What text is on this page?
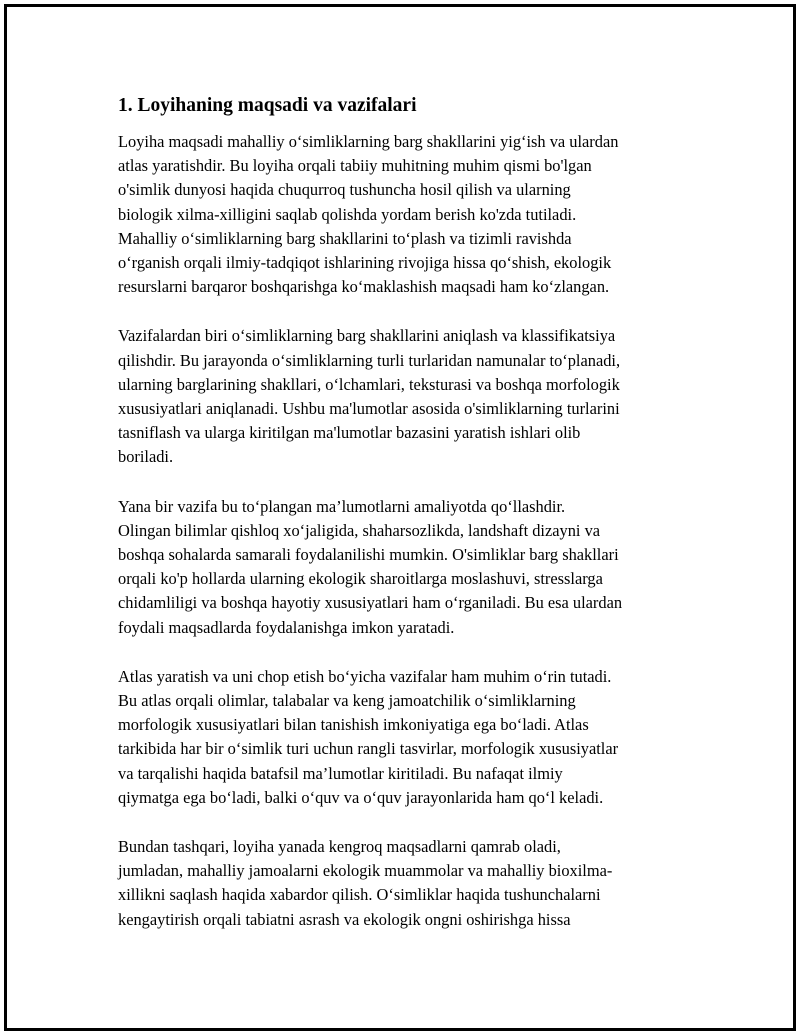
1. Loyihaning maqsadi va vazifalari

Loyiha maqsadi mahalliy o‘simliklarning barg shakllarini yig‘ish va ulardan
atlas yaratishdir. Bu loyiha orqali tabiiy muhitning muhim qismi bo'lgan
o'simlik dunyosi haqida chuqurroq tushuncha hosil qilish va ularning
biologik xilma-xilligini saqlab qolishda yordam berish ko'zda tutiladi.
Mahalliy o‘simliklarning barg shakllarini to‘plash va tizimli ravishda
o‘rganish orqali ilmiy-tadqiqot ishlarining rivojiga hissa qo‘shish, ekologik
resurslarni barqaror boshqarishga ko‘maklashish maqsadi ham ko‘zlangan.

Vazifalardan biri o‘simliklarning barg shakllarini aniqlash va klassifikatsiya
qilishdir. Bu jarayonda o‘simliklarning turli turlaridan namunalar to‘planadi,
ularning barglarining shakllari, o‘lchamlari, teksturasi va boshqa morfologik
xususiyatlari aniqlanadi. Ushbu ma'lumotlar asosida o'simliklarning turlarini
tasniflash va ularga kiritilgan ma'lumotlar bazasini yaratish ishlari olib
boriladi.

Yana bir vazifa bu to‘plangan ma’lumotlarni amaliyotda qo‘llashdir.
Olingan bilimlar qishloq xo‘jaligida, shaharsozlikda, landshaft dizayni va
boshqa sohalarda samarali foydalanilishi mumkin. O'simliklar barg shakllari
orqali ko'p hollarda ularning ekologik sharoitlarga moslashuvi, stresslarga
chidamliligi va boshqa hayotiy xususiyatlari ham o‘rganiladi. Bu esa ulardan
foydali maqsadlarda foydalanishga imkon yaratadi.

Atlas yaratish va uni chop etish bo‘yicha vazifalar ham muhim o‘rin tutadi.
Bu atlas orqali olimlar, talabalar va keng jamoatchilik o‘simliklarning
morfologik xususiyatlari bilan tanishish imkoniyatiga ega bo‘ladi. Atlas
tarkibida har bir o‘simlik turi uchun rangli tasvirlar, morfologik xususiyatlar
va tarqalishi haqida batafsil ma’lumotlar kiritiladi. Bu nafaqat ilmiy
qiymatga ega bo‘ladi, balki o‘quv va o‘quv jarayonlarida ham qo‘l keladi.

Bundan tashqari, loyiha yanada kengroq maqsadlarni qamrab oladi,
jumladan, mahalliy jamoalarni ekologik muammolar va mahalliy bioxilma-
xillikni saqlash haqida xabardor qilish. O‘simliklar haqida tushunchalarni
kengaytirish orqali tabiatni asrash va ekologik ongni oshirishga hissa
